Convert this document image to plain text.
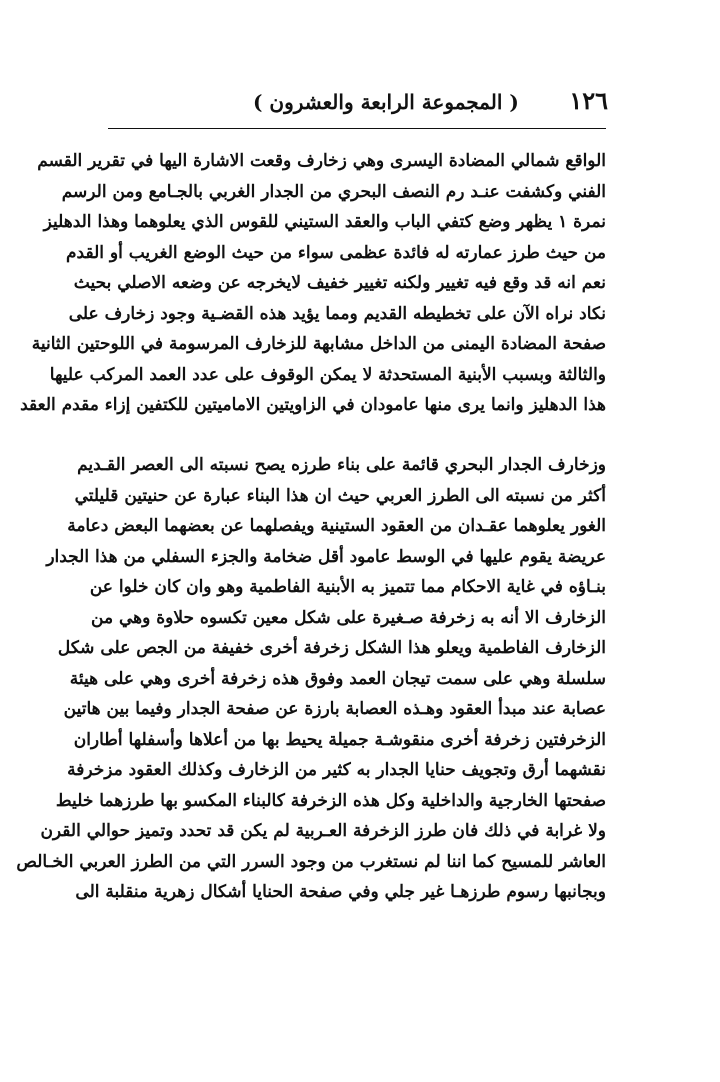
١٢٦
( المجموعة الرابعة والعشرون )
الواقع شمالي المضادة اليسرى وهي زخارف وقعت الاشارة اليها في تقرير القسم
الفني وكشفت عنـد رم النصف البحري من الجدار الغربي بالجـامع ومن الرسم
نمرة ١ يظهر وضع كتفي الباب والعقد الستيني للقوس الذي يعلوهما وهذا الدهليز
من حيث طرز عمارته له فائدة عظمى سواء من حيث الوضع الغريب أو القدم
نعم انه قد وقع فيه تغيير ولكنه تغيير خفيف لايخرجه عن وضعه الاصلي بحيث
نكاد نراه الآن على تخطيطه القديم ومما يؤيد هذه القضـية وجود زخارف على
صفحة المضادة اليمنى من الداخل مشابهة للزخارف المرسومة في اللوحتين الثانية
والثالثة وبسبب الأبنية المستحدثة لا يمكن الوقوف على عدد العمد المركب عليها
هذا الدهليز وانما يرى منها عامودان في الزاويتين الاماميتين للكتفين إزاء مقدم العقد
وزخارف الجدار البحري قائمة على بناء طرزه يصح نسبته الى العصر القـديم
أكثر من نسبته الى الطرز العربي حيث ان هذا البناء عبارة عن حنيتين قليلتي
الغور يعلوهما عقـدان من العقود الستينية ويفصلهما عن بعضهما البعض دعامة
عريضة يقوم عليها في الوسط عامود أقل ضخامة والجزء السفلي من هذا الجدار
بنـاؤه في غاية الاحكام مما تتميز به الأبنية الفاطمية وهو وان كان خلوا عن
الزخارف الا أنه به زخرفة صـغيرة على شكل معين تكسوه حلاوة وهي من
الزخارف الفاطمية ويعلو هذا الشكل زخرفة أخرى خفيفة من الجص على شكل
سلسلة وهي على سمت تيجان العمد وفوق هذه زخرفة أخرى وهي على هيئة
عصابة عند مبدأ العقود وهـذه العصابة بارزة عن صفحة الجدار وفيما بين هاتين
الزخرفتين زخرفة أخرى منقوشـة جميلة يحيط بها من أعلاها وأسفلها أطاران
نقشهما أرق وتجويف حنايا الجدار به كثير من الزخارف وكذلك العقود مزخرفة
صفحتها الخارجية والداخلية وكل هذه الزخرفة كالبناء المكسو بها طرزهما خليط
ولا غرابة في ذلك فان طرز الزخرفة العـربية لم يكن قد تحدد وتميز حوالي القرن
العاشر للمسيح كما اننا لم نستغرب من وجود السرر التي من الطرز العربي الخـالص
وبجانبها رسوم طرزهـا غير جلي وفي صفحة الحنايا أشكال زهرية منقلبة الى
